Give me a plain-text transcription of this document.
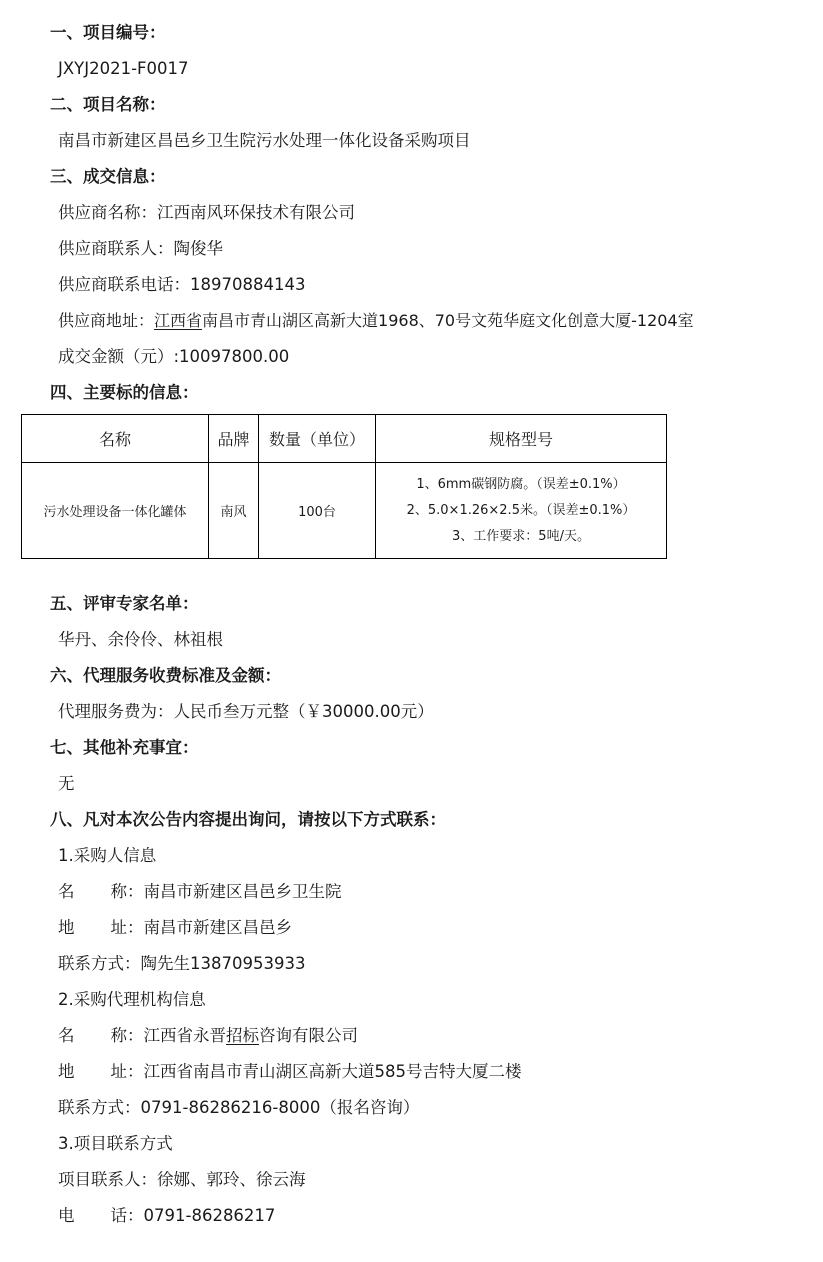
一、项目编号：
JXYJ2021-F0017
二、项目名称：
南昌市新建区昌邑乡卫生院污水处理一体化设备采购项目
三、成交信息：
供应商名称：江西南风环保技术有限公司
供应商联系人：陶俊华
供应商联系电话：18970884143
供应商地址：江西省南昌市青山湖区高新大道1968、70号文苑华庭文化创意大厦-1204室
成交金额（元）:10097800.00
四、主要标的信息：
名称	品牌	数量（单位）	规格型号
污水处理设备一体化罐体	南风	100台	1、6mm碳钢防腐。（误差±0.1%）
2、5.0×1.26×2.5米。（误差±0.1%）
3、工作要求：5吨/天。
五、评审专家名单：
华丹、余伶伶、林祖根
六、代理服务收费标准及金额：
代理服务费为：人民币叁万元整（￥30000.00元）
七、其他补充事宜：
无
八、凡对本次公告内容提出询问，请按以下方式联系：
1.采购人信息
名 称：南昌市新建区昌邑乡卫生院
地 址：南昌市新建区昌邑乡
联系方式：陶先生13870953933
2.采购代理机构信息
名 称：江西省永晋招标咨询有限公司
地 址：江西省南昌市青山湖区高新大道585号吉特大厦二楼
联系方式：0791-86286216-8000（报名咨询）
3.项目联系方式
项目联系人：徐娜、郭玲、徐云海
电 话：0791-86286217
